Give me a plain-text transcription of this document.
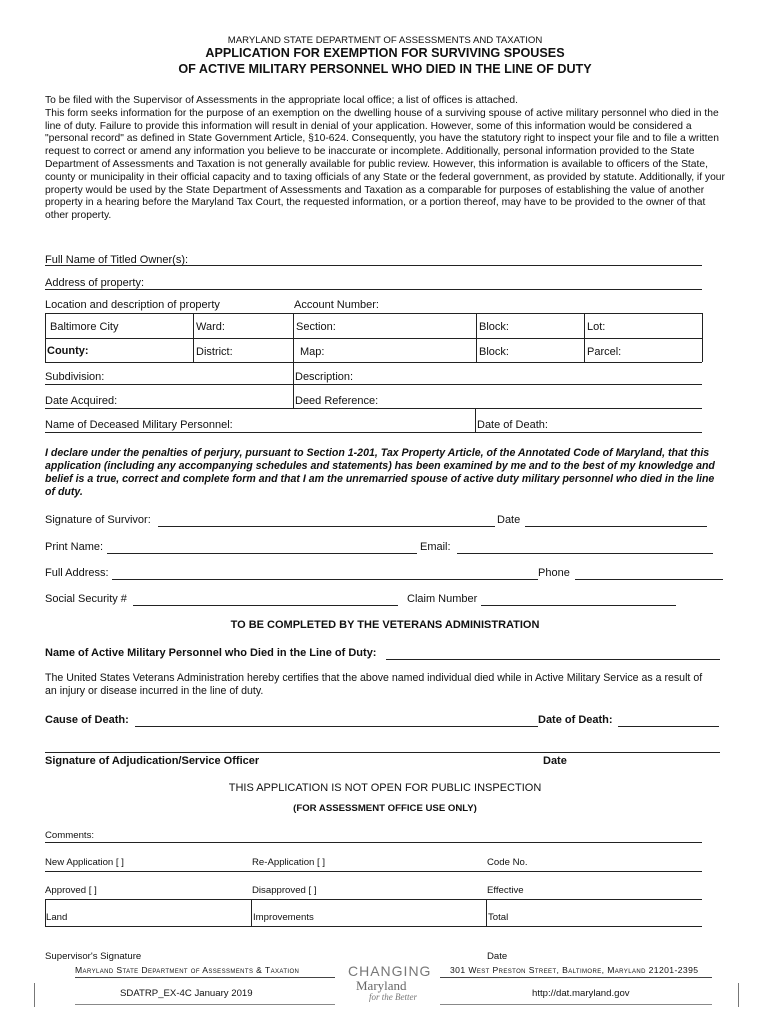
MARYLAND STATE DEPARTMENT OF ASSESSMENTS AND TAXATION
APPLICATION FOR EXEMPTION FOR SURVIVING SPOUSES
OF ACTIVE MILITARY PERSONNEL WHO DIED IN THE LINE OF DUTY
To be filed with the Supervisor of Assessments in the appropriate local office; a list of offices is attached.
This form seeks information for the purpose of an exemption on the dwelling house of a surviving spouse of active military personnel who died in the line of duty. Failure to provide this information will result in denial of your application. However, some of this information would be considered a "personal record" as defined in State Government Article, §10-624. Consequently, you have the statutory right to inspect your file and to file a written request to correct or amend any information you believe to be inaccurate or incomplete. Additionally, personal information provided to the State Department of Assessments and Taxation is not generally available for public review. However, this information is available to officers of the State, county or municipality in their official capacity and to taxing officials of any State or the federal government, as provided by statute. Additionally, if your property would be used by the State Department of Assessments and Taxation as a comparable for purposes of establishing the value of another property in a hearing before the Maryland Tax Court, the requested information, or a portion thereof, may have to be provided to the owner of that other property.
Full Name of Titled Owner(s):
Address of property:
Location and description of property	Account Number:
Baltimore City	Ward:	Section:	Block:	Lot:
County:	District:	Map:	Block:	Parcel:
Subdivision:	Description:
Date Acquired:	Deed Reference:
Name of Deceased Military Personnel:	Date of Death:
I declare under the penalties of perjury, pursuant to Section 1-201, Tax Property Article, of the Annotated Code of Maryland, that this application (including any accompanying schedules and statements) has been examined by me and to the best of my knowledge and belief is a true, correct and complete form and that I am the unremarried spouse of active duty military personnel who died in the line of duty.
Signature of Survivor:	Date
Print Name:	Email:
Full Address:	Phone
Social Security #	Claim Number
TO BE COMPLETED BY THE VETERANS ADMINISTRATION
Name of Active Military Personnel who Died in the Line of Duty:
The United States Veterans Administration hereby certifies that the above named individual died while in Active Military Service as a result of an injury or disease incurred in the line of duty.
Cause of Death:	Date of Death:
Signature of Adjudication/Service Officer	Date
THIS APPLICATION IS NOT OPEN FOR PUBLIC INSPECTION
(FOR ASSESSMENT OFFICE USE ONLY)
Comments:
New Application [ ]	Re-Application [ ]	Code No.
Approved [ ]	Disapproved [ ]	Effective
Land	Improvements	Total
Supervisor's Signature	Date
Maryland State Department of Assessments & Taxation	301 West Preston Street, Baltimore, Maryland 21201-2395
CHANGING
Maryland
for the Better
SDATRP_EX-4C January 2019	http://dat.maryland.gov
